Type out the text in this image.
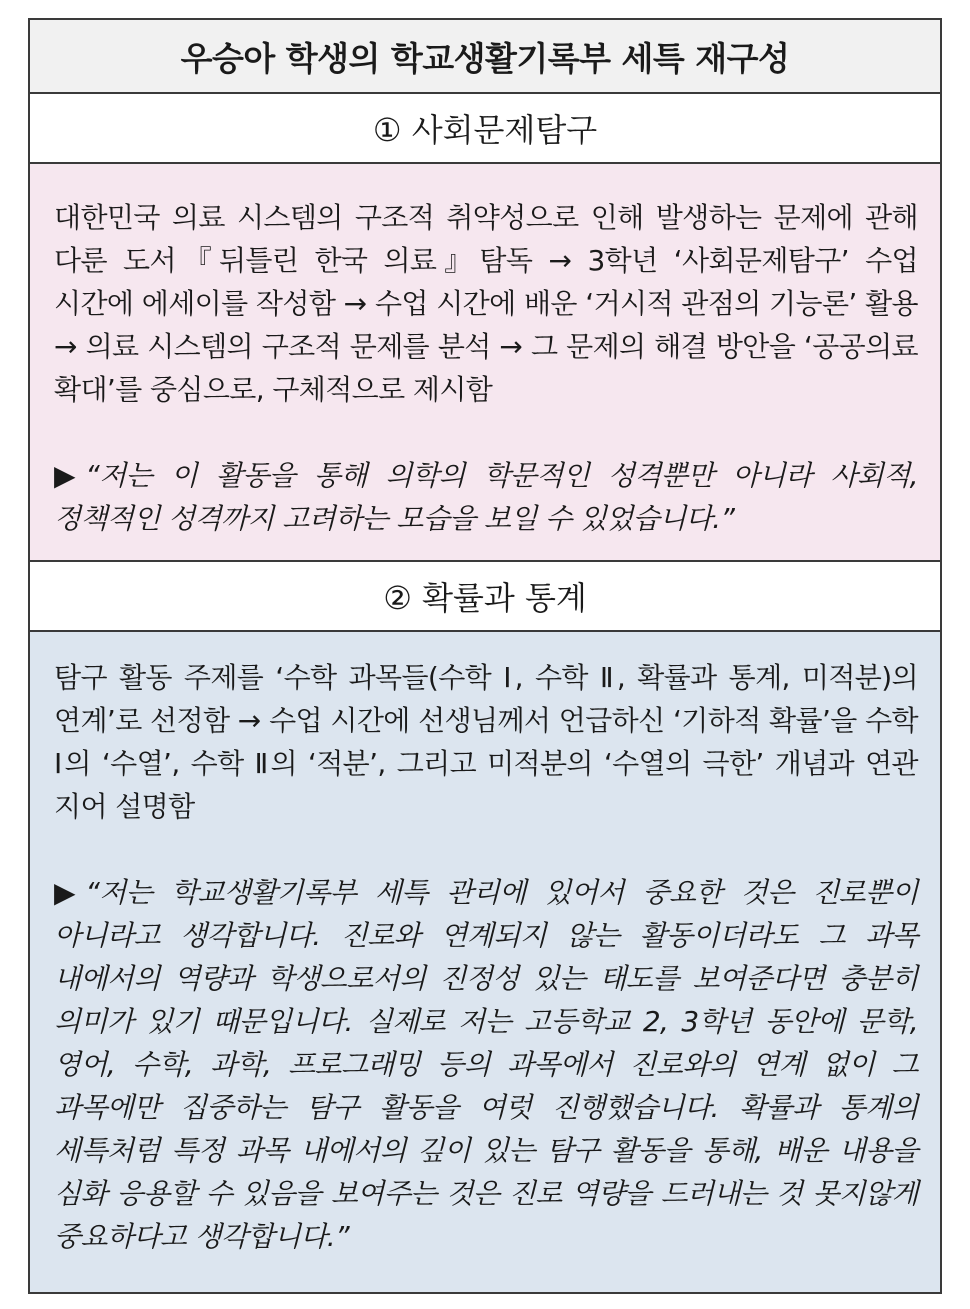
우승아 학생의 학교생활기록부 세특 재구성
① 사회문제탐구

대한민국 의료 시스템의 구조적 취약성으로 인해 발생하는 문제에 관해 다룬 도서『뒤틀린 한국 의료』탐독 → 3학년 ‘사회문제탐구’ 수업 시간에 에세이를 작성함 → 수업 시간에 배운 ‘거시적 관점의 기능론’ 활용 → 의료 시스템의 구조적 문제를 분석 → 그 문제의 해결 방안을 ‘공공의료 확대’를 중심으로, 구체적으로 제시함

▶“저는 이 활동을 통해 의학의 학문적인 성격뿐만 아니라 사회적, 정책적인 성격까지 고려하는 모습을 보일 수 있었습니다.”

② 확률과 통계

탐구 활동 주제를 ‘수학 과목들(수학 Ⅰ, 수학 Ⅱ, 확률과 통계, 미적분)의 연계’로 선정함 → 수업 시간에 선생님께서 언급하신 ‘기하적 확률’을 수학 Ⅰ의 ‘수열’, 수학 Ⅱ의 ‘적분’, 그리고 미적분의 ‘수열의 극한’ 개념과 연관 지어 설명함

▶“저는 학교생활기록부 세특 관리에 있어서 중요한 것은 진로뿐이 아니라고 생각합니다. 진로와 연계되지 않는 활동이더라도 그 과목 내에서의 역량과 학생으로서의 진정성 있는 태도를 보여준다면 충분히 의미가 있기 때문입니다. 실제로 저는 고등학교 2, 3학년 동안에 문학, 영어, 수학, 과학, 프로그래밍 등의 과목에서 진로와의 연계 없이 그 과목에만 집중하는 탐구 활동을 여럿 진행했습니다. 확률과 통계의 세특처럼 특정 과목 내에서의 깊이 있는 탐구 활동을 통해, 배운 내용을 심화 응용할 수 있음을 보여주는 것은 진로 역량을 드러내는 것 못지않게 중요하다고 생각합니다.”
